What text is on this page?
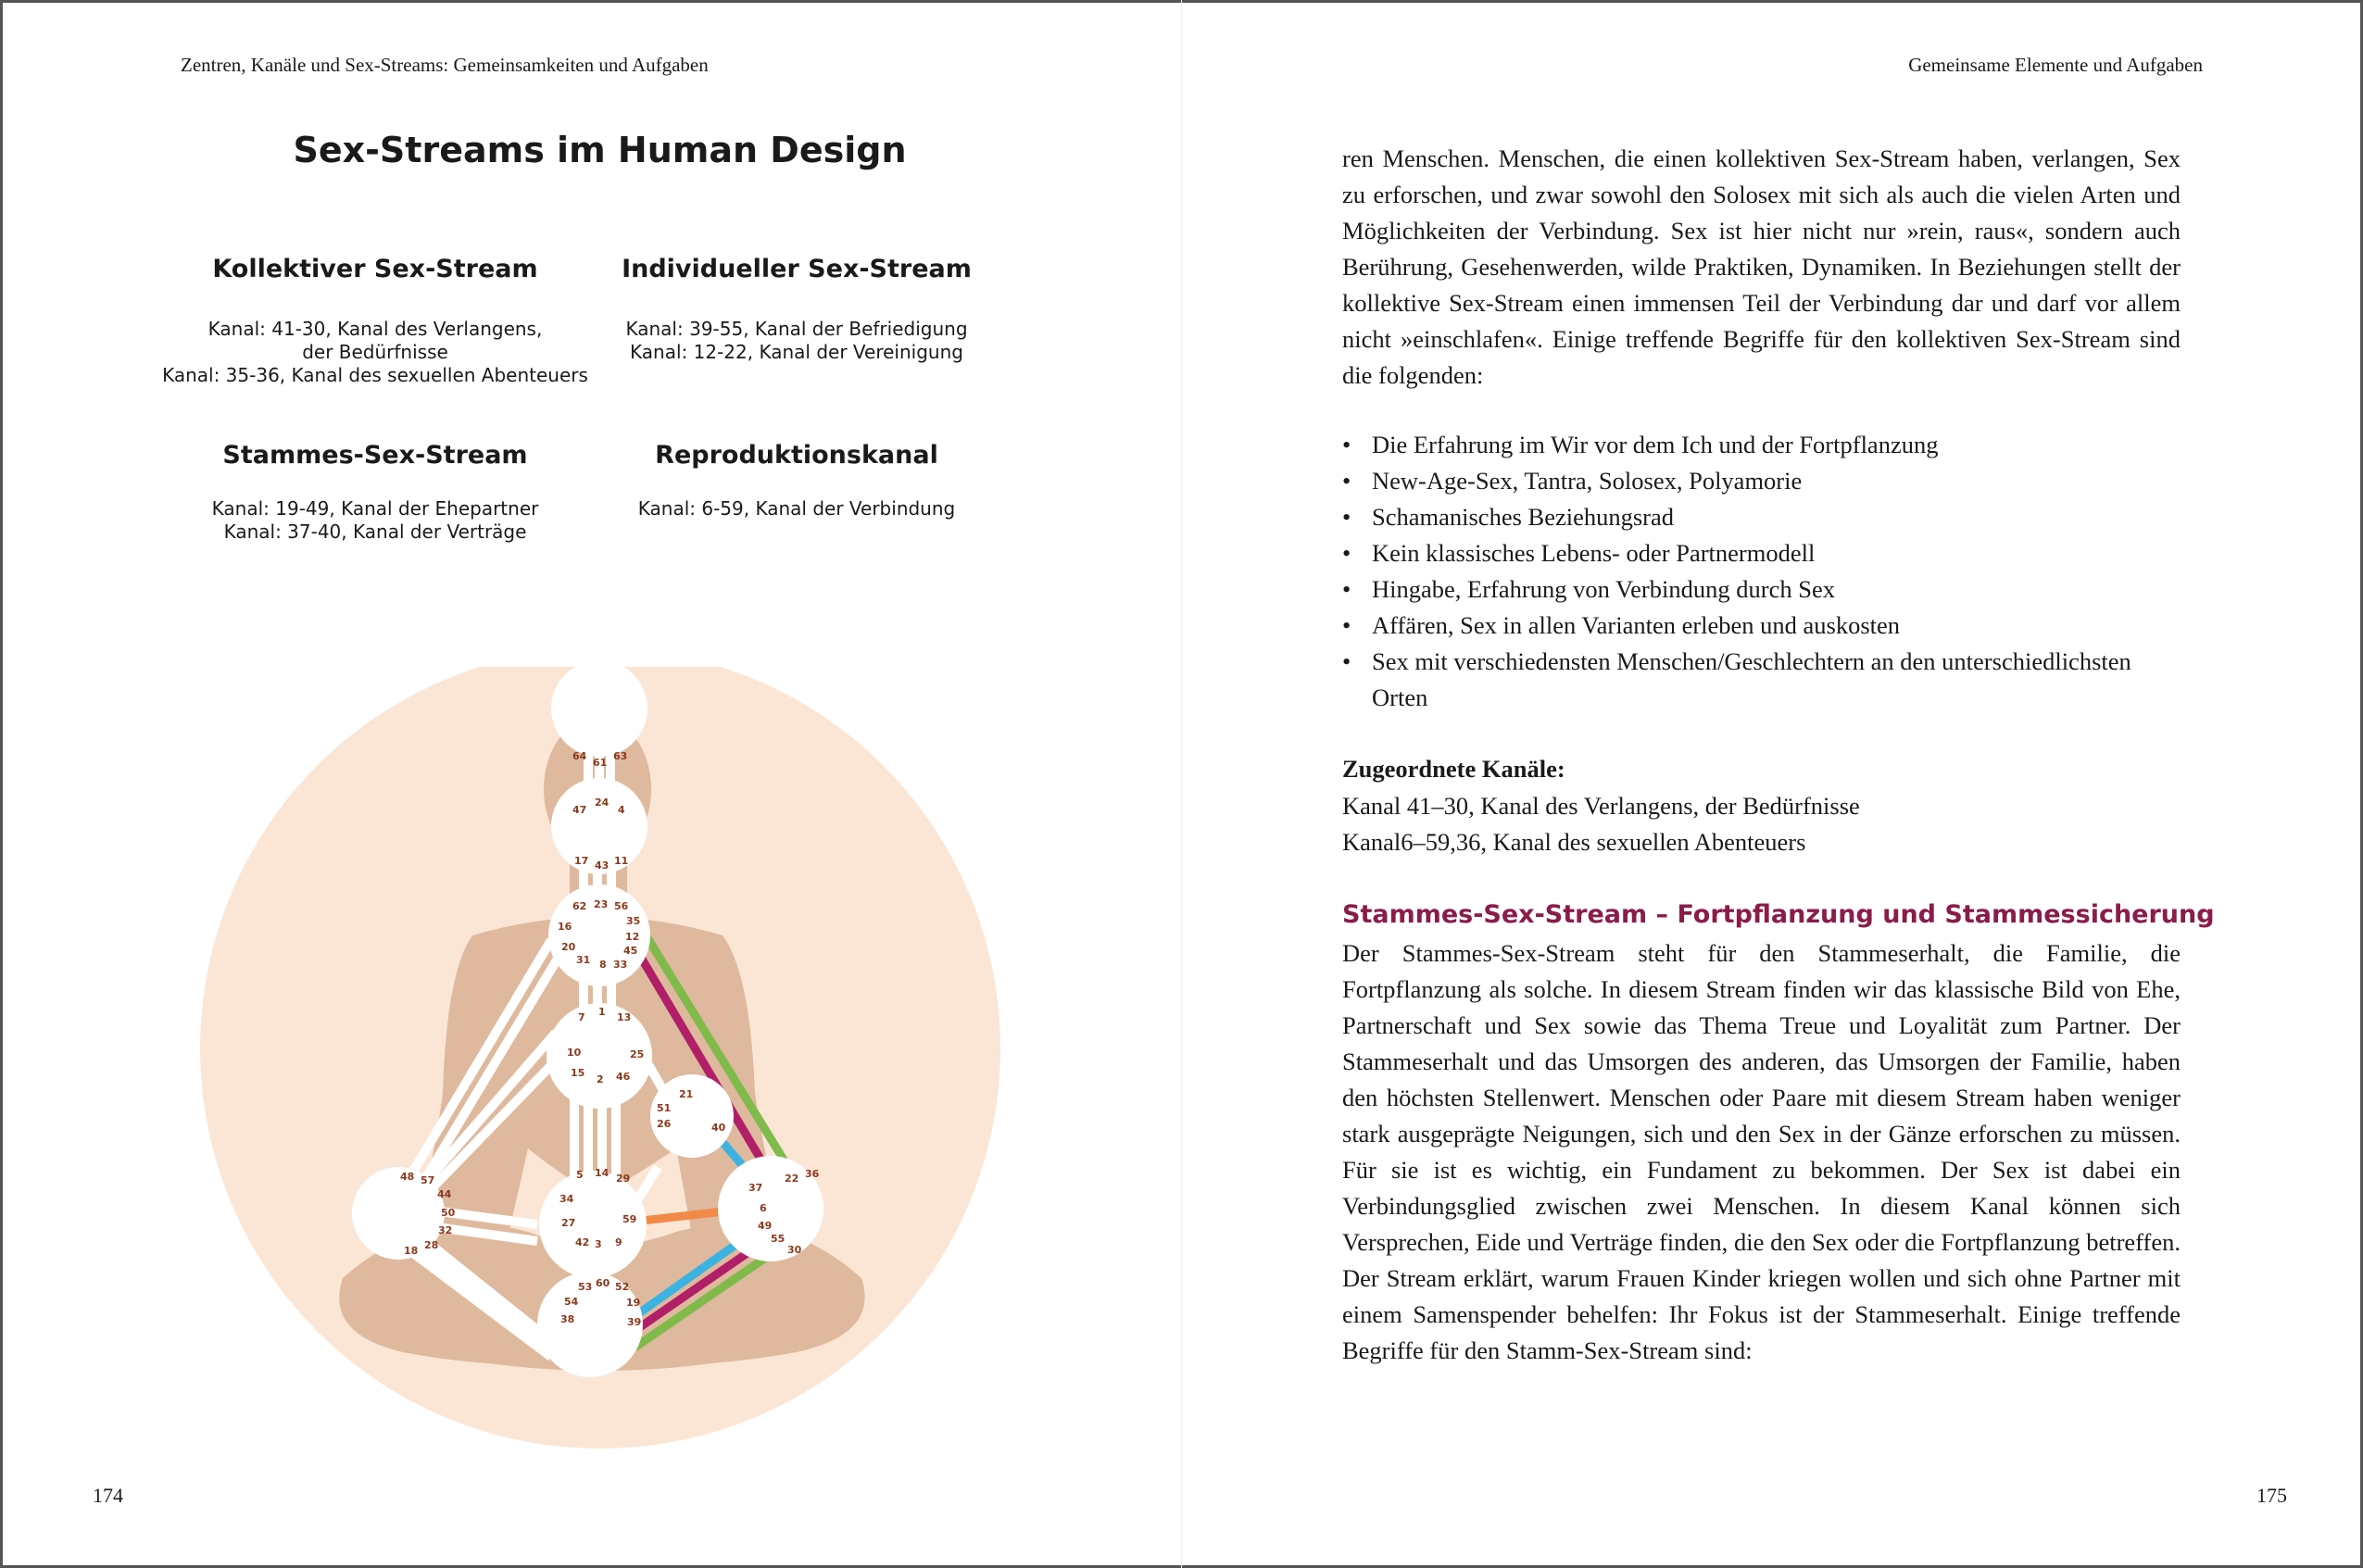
Zentren, Kanäle und Sex-Streams: Gemeinsamkeiten und Aufgaben
Sex-Streams im Human Design
Kollektiver Sex-Stream
Kanal: 41-30, Kanal des Verlangens,
der Bedürfnisse
Kanal: 35-36, Kanal des sexuellen Abenteuers
Individueller Sex-Stream
Kanal: 39-55, Kanal der Befriedigung
Kanal: 12-22, Kanal der Vereinigung
Stammes-Sex-Stream
Kanal: 19-49, Kanal der Ehepartner
Kanal: 37-40, Kanal der Verträge
Reproduktionskanal
Kanal: 6-59, Kanal der Verbindung
64
61
63
47
24
4
17 43 11
62 23 56
35
16
12
20	45
31 8 33
7 1 13
10	25
15
2 46
21
51
26	40
48 57
44
50
32
28
18
5 14 29
34
27	59
42 3 9
37
22 36
6
49
55
30
53 60 52
54	19
38	39
174
Gemeinsame Elemente und Aufgaben
175
ren Menschen. Menschen, die einen kollektiven Sex-Stream haben, verlangen, Sex zu erforschen, und zwar sowohl den Solosex mit sich als auch die vielen Arten und Möglichkeiten der Verbindung. Sex ist hier nicht nur »rein, raus«, sondern auch Berührung, Gesehenwerden, wilde Praktiken, Dynamiken. In Beziehungen stellt der kollektive Sex-Stream einen immensen Teil der Verbindung dar und darf vor allem nicht »einschlafen«. Einige treffende Begriffe für den kollektiven Sex-Stream sind die folgenden:
• Die Erfahrung im Wir vor dem Ich und der Fortpflanzung
• New-Age-Sex, Tantra, Solosex, Polyamorie
• Schamanisches Beziehungsrad
• Kein klassisches Lebens- oder Partnermodell
• Hingabe, Erfahrung von Verbindung durch Sex
• Affären, Sex in allen Varianten erleben und auskosten
• Sex mit verschiedensten Menschen/Geschlechtern an den unterschiedlichsten Orten
Zugeordnete Kanäle:
Kanal 41–30, Kanal des Verlangens, der Bedürfnisse
Kanal6–59,36, Kanal des sexuellen Abenteuers
Stammes-Sex-Stream – Fortpflanzung und Stammessicherung
Der Stammes-Sex-Stream steht für den Stammeserhalt, die Familie, die Fortpflanzung als solche. In diesem Stream finden wir das klassische Bild von Ehe, Partnerschaft und Sex sowie das Thema Treue und Loyalität zum Partner. Der Stammeserhalt und das Umsorgen des anderen, das Umsorgen der Familie, haben den höchsten Stellenwert. Menschen oder Paare mit diesem Stream haben weniger stark ausgeprägte Neigungen, sich und den Sex in der Gänze erforschen zu müssen. Für sie ist es wichtig, ein Fundament zu bekommen. Der Sex ist dabei ein Verbindungsglied zwischen zwei Menschen. In diesem Kanal können sich Versprechen, Eide und Verträge finden, die den Sex oder die Fortpflanzung betreffen. Der Stream erklärt, warum Frauen Kinder kriegen wollen und sich ohne Partner mit einem Samenspender behelfen: Ihr Fokus ist der Stammeserhalt. Einige treffende Begriffe für den Stamm-Sex-Stream sind:
